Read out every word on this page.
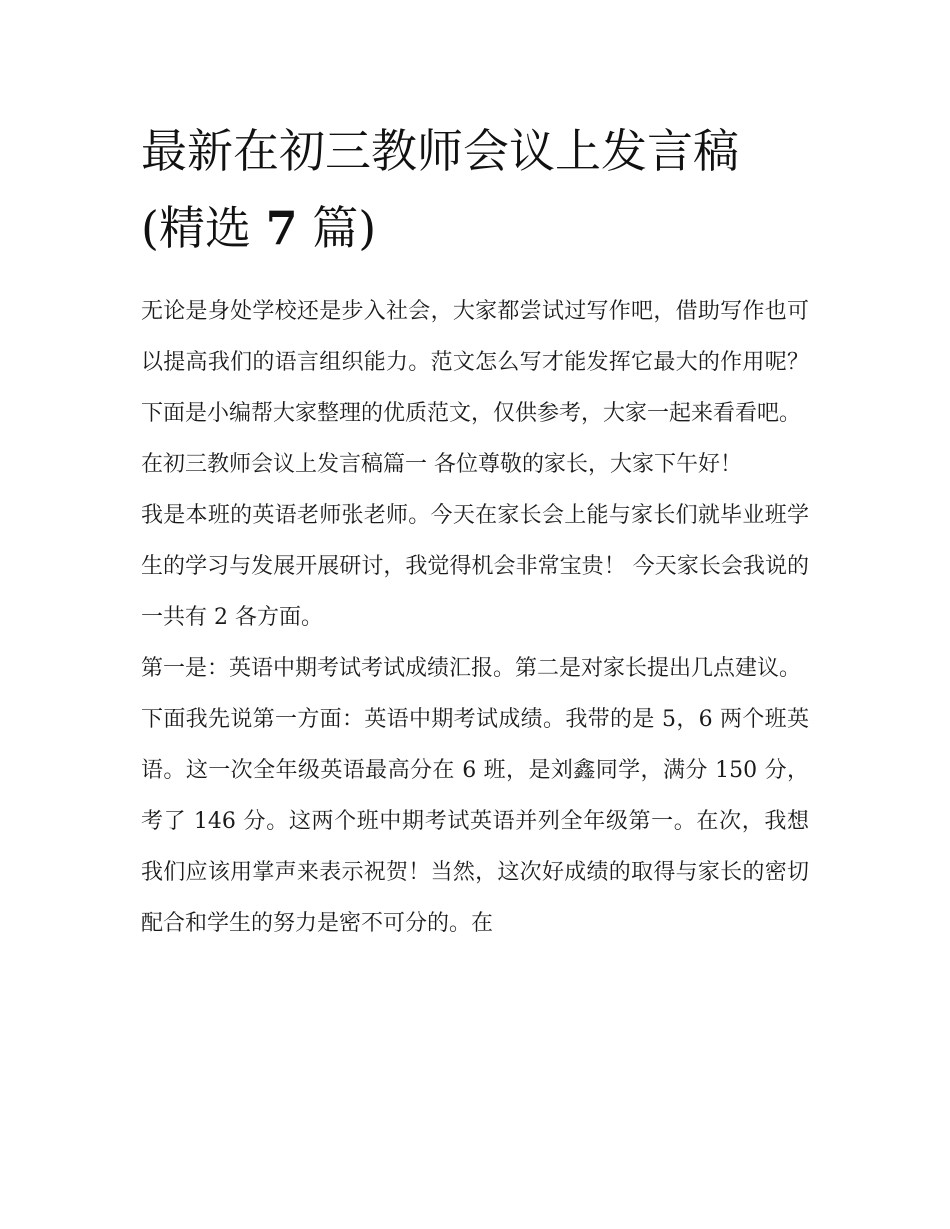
最新在初三教师会议上发言稿
(精选 7 篇)

无论是身处学校还是步入社会，大家都尝试过写作吧，借助写作也可以提高我们的语言组织能力。范文怎么写才能发挥它最大的作用呢？下面是小编帮大家整理的优质范文，仅供参考，大家一起来看看吧。

在初三教师会议上发言稿篇一 各位尊敬的家长，大家下午好！

我是本班的英语老师张老师。今天在家长会上能与家长们就毕业班学生的学习与发展开展研讨，我觉得机会非常宝贵！ 今天家长会我说的一共有 2 各方面。

第一是：英语中期考试考试成绩汇报。第二是对家长提出几点建议。

下面我先说第一方面：英语中期考试成绩。我带的是 5，6 两个班英语。这一次全年级英语最高分在 6 班，是刘鑫同学，满分 150 分，考了 146 分。这两个班中期考试英语并列全年级第一。在次，我想我们应该用掌声来表示祝贺！当然，这次好成绩的取得与家长的密切配合和学生的努力是密不可分的。在
